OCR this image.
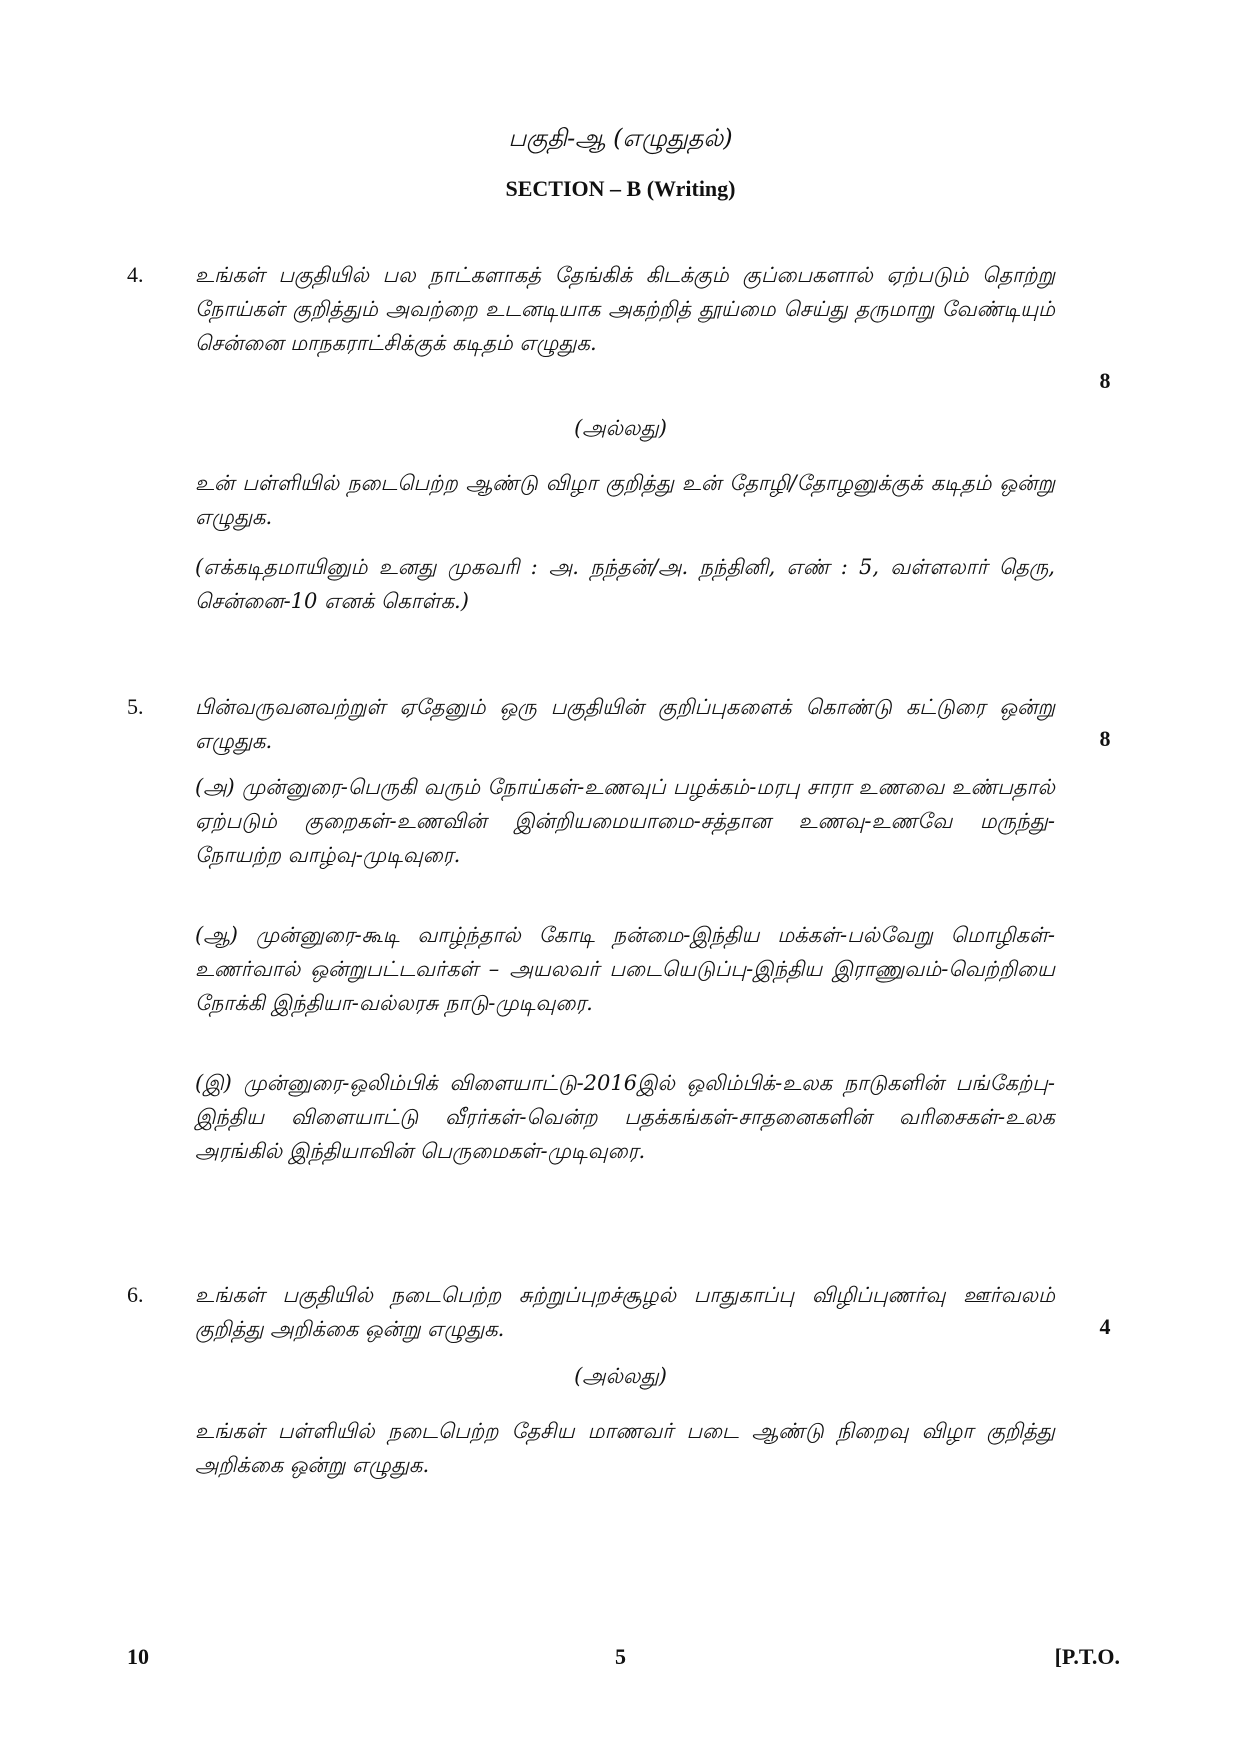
பகுதி-ஆ (எழுதுதல்)
SECTION – B (Writing)
4. உங்கள் பகுதியில் பல நாட்களாகத் தேங்கிக் கிடக்கும் குப்பைகளால் ஏற்படும் தொற்று நோய்கள் குறித்தும் அவற்றை உடனடியாக அகற்றித் தூய்மை செய்து தருமாறு வேண்டியும் சென்னை மாநகராட்சிக்குக் கடிதம் எழுதுக.
8
(அல்லது)
உன் பள்ளியில் நடைபெற்ற ஆண்டு விழா குறித்து உன் தோழி/தோழனுக்குக் கடிதம் ஒன்று எழுதுக.
(எக்கடிதமாயினும் உனது முகவரி : அ. நந்தன்/அ. நந்தினி, எண் : 5, வள்ளலார் தெரு, சென்னை-10 எனக் கொள்க.)
5. பின்வருவனவற்றுள் ஏதேனும் ஒரு பகுதியின் குறிப்புகளைக் கொண்டு கட்டுரை ஒன்று எழுதுக.	8
(அ) முன்னுரை-பெருகி வரும் நோய்கள்-உணவுப் பழக்கம்-மரபு சாரா உணவை உண்பதால் ஏற்படும் குறைகள்-உணவின் இன்றியமையாமை-சத்தான உணவு-உணவே மருந்து-நோயற்ற வாழ்வு-முடிவுரை.
(ஆ) முன்னுரை-கூடி வாழ்ந்தால் கோடி நன்மை-இந்திய மக்கள்-பல்வேறு மொழிகள்-உணர்வால் ஒன்றுபட்டவர்கள் – அயலவர் படையெடுப்பு-இந்திய இராணுவம்-வெற்றியை நோக்கி இந்தியா-வல்லரசு நாடு-முடிவுரை.
(இ) முன்னுரை-ஒலிம்பிக் விளையாட்டு-2016இல் ஒலிம்பிக்-உலக நாடுகளின் பங்கேற்பு-இந்திய விளையாட்டு வீரர்கள்-வென்ற பதக்கங்கள்-சாதனைகளின் வரிசைகள்-உலக அரங்கில் இந்தியாவின் பெருமைகள்-முடிவுரை.
6. உங்கள் பகுதியில் நடைபெற்ற சுற்றுப்புறச்சூழல் பாதுகாப்பு விழிப்புணர்வு ஊர்வலம் குறித்து அறிக்கை ஒன்று எழுதுக.	4
(அல்லது)
உங்கள் பள்ளியில் நடைபெற்ற தேசிய மாணவர் படை ஆண்டு நிறைவு விழா குறித்து அறிக்கை ஒன்று எழுதுக.
10	5	[P.T.O.
